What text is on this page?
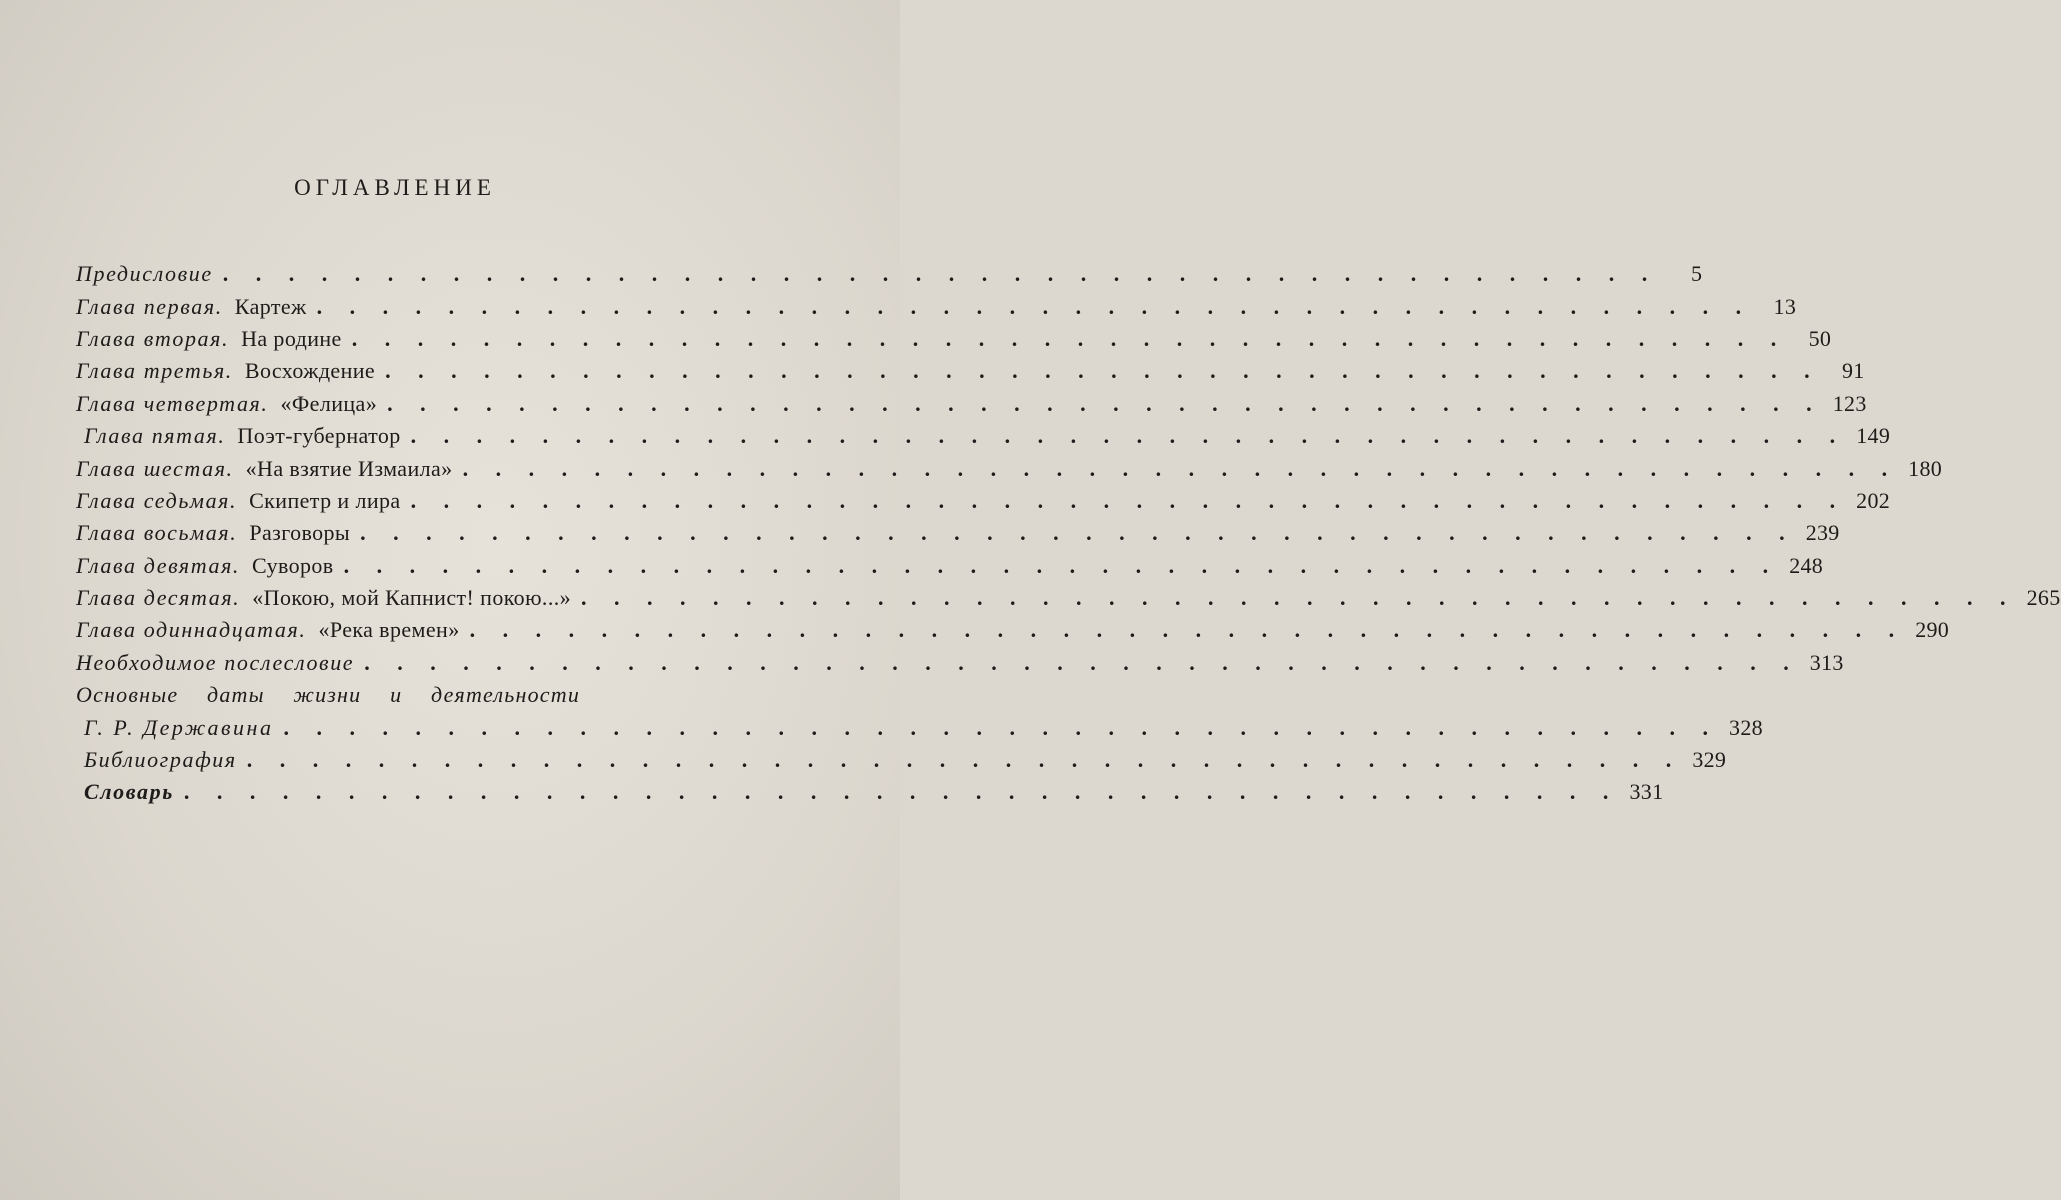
ОГЛАВЛЕНИЕ
Предисловие . . . . . . . . . . . . . . . . . . . . . . . . . . . . . . . . . . . . . . . . . . . .	5
Глава первая. Картеж . . . . . . . . . . . . . . . . . . . . . . . . . . . . . . . . . . . . . . . . . . . . 13
Глава вторая. На родине . . . . . . . . . . . . . . . . . . . . . . . . . . . . . . . . . . . . . . . . . . . . 50
Глава третья. Восхождение . . . . . . . . . . . . . . . . . . . . . . . . . . . . . . . . . . . . . . . . . . . . 91
Глава четвертая. «Фелица» . . . . . . . . . . . . . . . . . . . . . . . . . . . . . . . . . . . . . . . . . . . . 123
Глава пятая. Поэт-губернатор . . . . . . . . . . . . . . . . . . . . . . . . . . . . . . . . . . . . . . . . . . . . 149
Глава шестая. «На взятие Измаила» . . . . . . . . . . . . . . . . . . . . . . . . . . . . . . . . . . . . . . . . . . . . 180
Глава седьмая. Скипетр и лира . . . . . . . . . . . . . . . . . . . . . . . . . . . . . . . . . . . . . . . . . . . . 202
Глава восьмая. Разговоры . . . . . . . . . . . . . . . . . . . . . . . . . . . . . . . . . . . . . . . . . . . . 239
Глава девятая. Суворов . . . . . . . . . . . . . . . . . . . . . . . . . . . . . . . . . . . . . . . . . . . . 248
Глава десятая. «Покою, мой Капнист! покою...» . . . . . . . . . . . . . . . . . . . . . . . . . . . . . . . . . . . . . . . . . . . . 265
Глава одиннадцатая. «Река времен» . . . . . . . . . . . . . . . . . . . . . . . . . . . . . . . . . . . . . . . . . . . . 290
Необходимое послесловие . . . . . . . . . . . . . . . . . . . . . . . . . . . . . . . . . . . . . . . . . . . . 313
Основные даты жизни и деятельности
Г. Р. Державина . . . . . . . . . . . . . . . . . . . . . . . . . . . . . . . . . . . . . . . . . . . . 328
Библиография . . . . . . . . . . . . . . . . . . . . . . . . . . . . . . . . . . . . . . . . . . . . 329
Словарь . . . . . . . . . . . . . . . . . . . . . . . . . . . . . . . . . . . . . . . . . . . . 331
